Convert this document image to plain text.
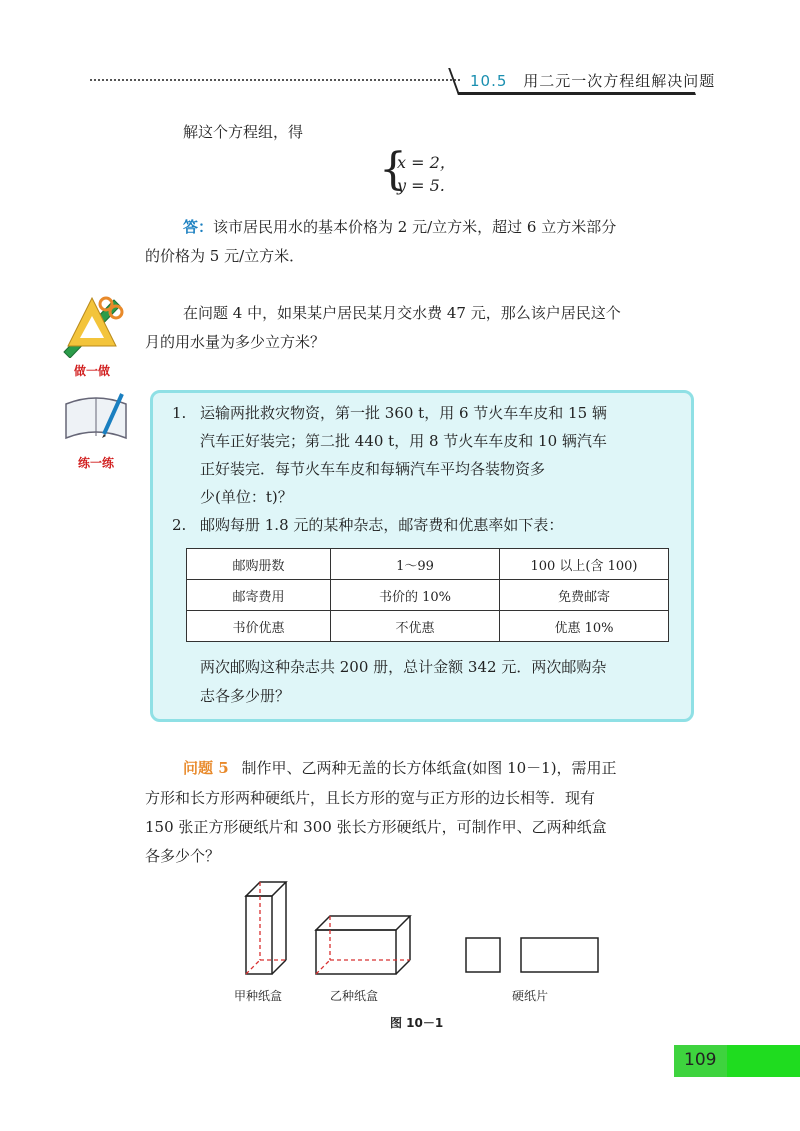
10.5 用二元一次方程组解决问题
解这个方程组，得
{
x = 2，
y = 5.
答：该市居民用水的基本价格为 2 元/立方米，超过 6 立方米部分
的价格为 5 元/立方米．
做一做
在问题 4 中，如果某户居民某月交水费 47 元，那么该户居民这个
月的用水量为多少立方米？
练一练
1. 运输两批救灾物资，第一批 360 t，用 6 节火车车皮和 15 辆
汽车正好装完；第二批 440 t，用 8 节火车车皮和 10 辆汽车
正好装完．每节火车车皮和每辆汽车平均各装物资多
少(单位：t)？
2. 邮购每册 1.8 元的某种杂志，邮寄费和优惠率如下表：
邮购册数	1～99	100 以上(含 100)
邮寄费用	书价的 10%	免费邮寄
书价优惠	不优惠	优惠 10%
两次邮购这种杂志共 200 册，总计金额 342 元．两次邮购杂
志各多少册？
问题 5 制作甲、乙两种无盖的长方体纸盒(如图 10－1)，需用正
方形和长方形两种硬纸片，且长方形的宽与正方形的边长相等．现有
150 张正方形硬纸片和 300 张长方形硬纸片，可制作甲、乙两种纸盒
各多少个？
甲种纸盒	乙种纸盒	硬纸片
图 10－1
109
